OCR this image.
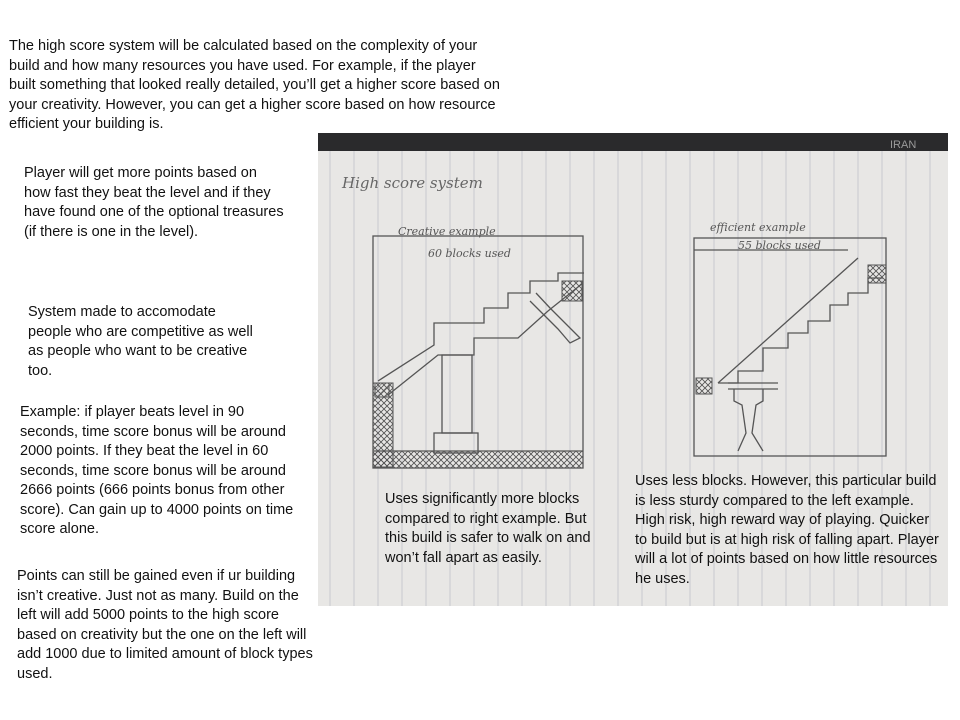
The high score system will be calculated based on the complexity of your build and how many resources you have used. For example, if the player built something that looked really detailed, you’ll get a higher score based on your creativity. However, you can get a higher score based on how resource efficient your building is.

Player will get more points based on how fast they beat the level and if they have found one of the optional treasures (if there is one in the level).

System made to accomodate people who are competitive as well as people who want to be creative too.

Example: if player beats level in 90 seconds, time score bonus will be around 2000 points. If they beat the level in 60 seconds, time score bonus will be around 2666 points (666 points bonus from other score). Can gain up to 4000 points on time score alone.

Points can still be gained even if ur building isn’t creative. Just not as many. Build on the left will add 5000 points to the high score based on creativity but the one on the left will add 1000 due to limited amount of block types used.

IRAN
High score system
Creative example
60 blocks used
efficient example
55 blocks used

Uses significantly more blocks compared to right example. But this build is safer to walk on and won’t fall apart as easily.

Uses less blocks. However, this particular build is less sturdy compared to the left example. High risk, high reward way of playing. Quicker to build but is at high risk of falling apart. Player will a lot of points based on how little resources he uses.
